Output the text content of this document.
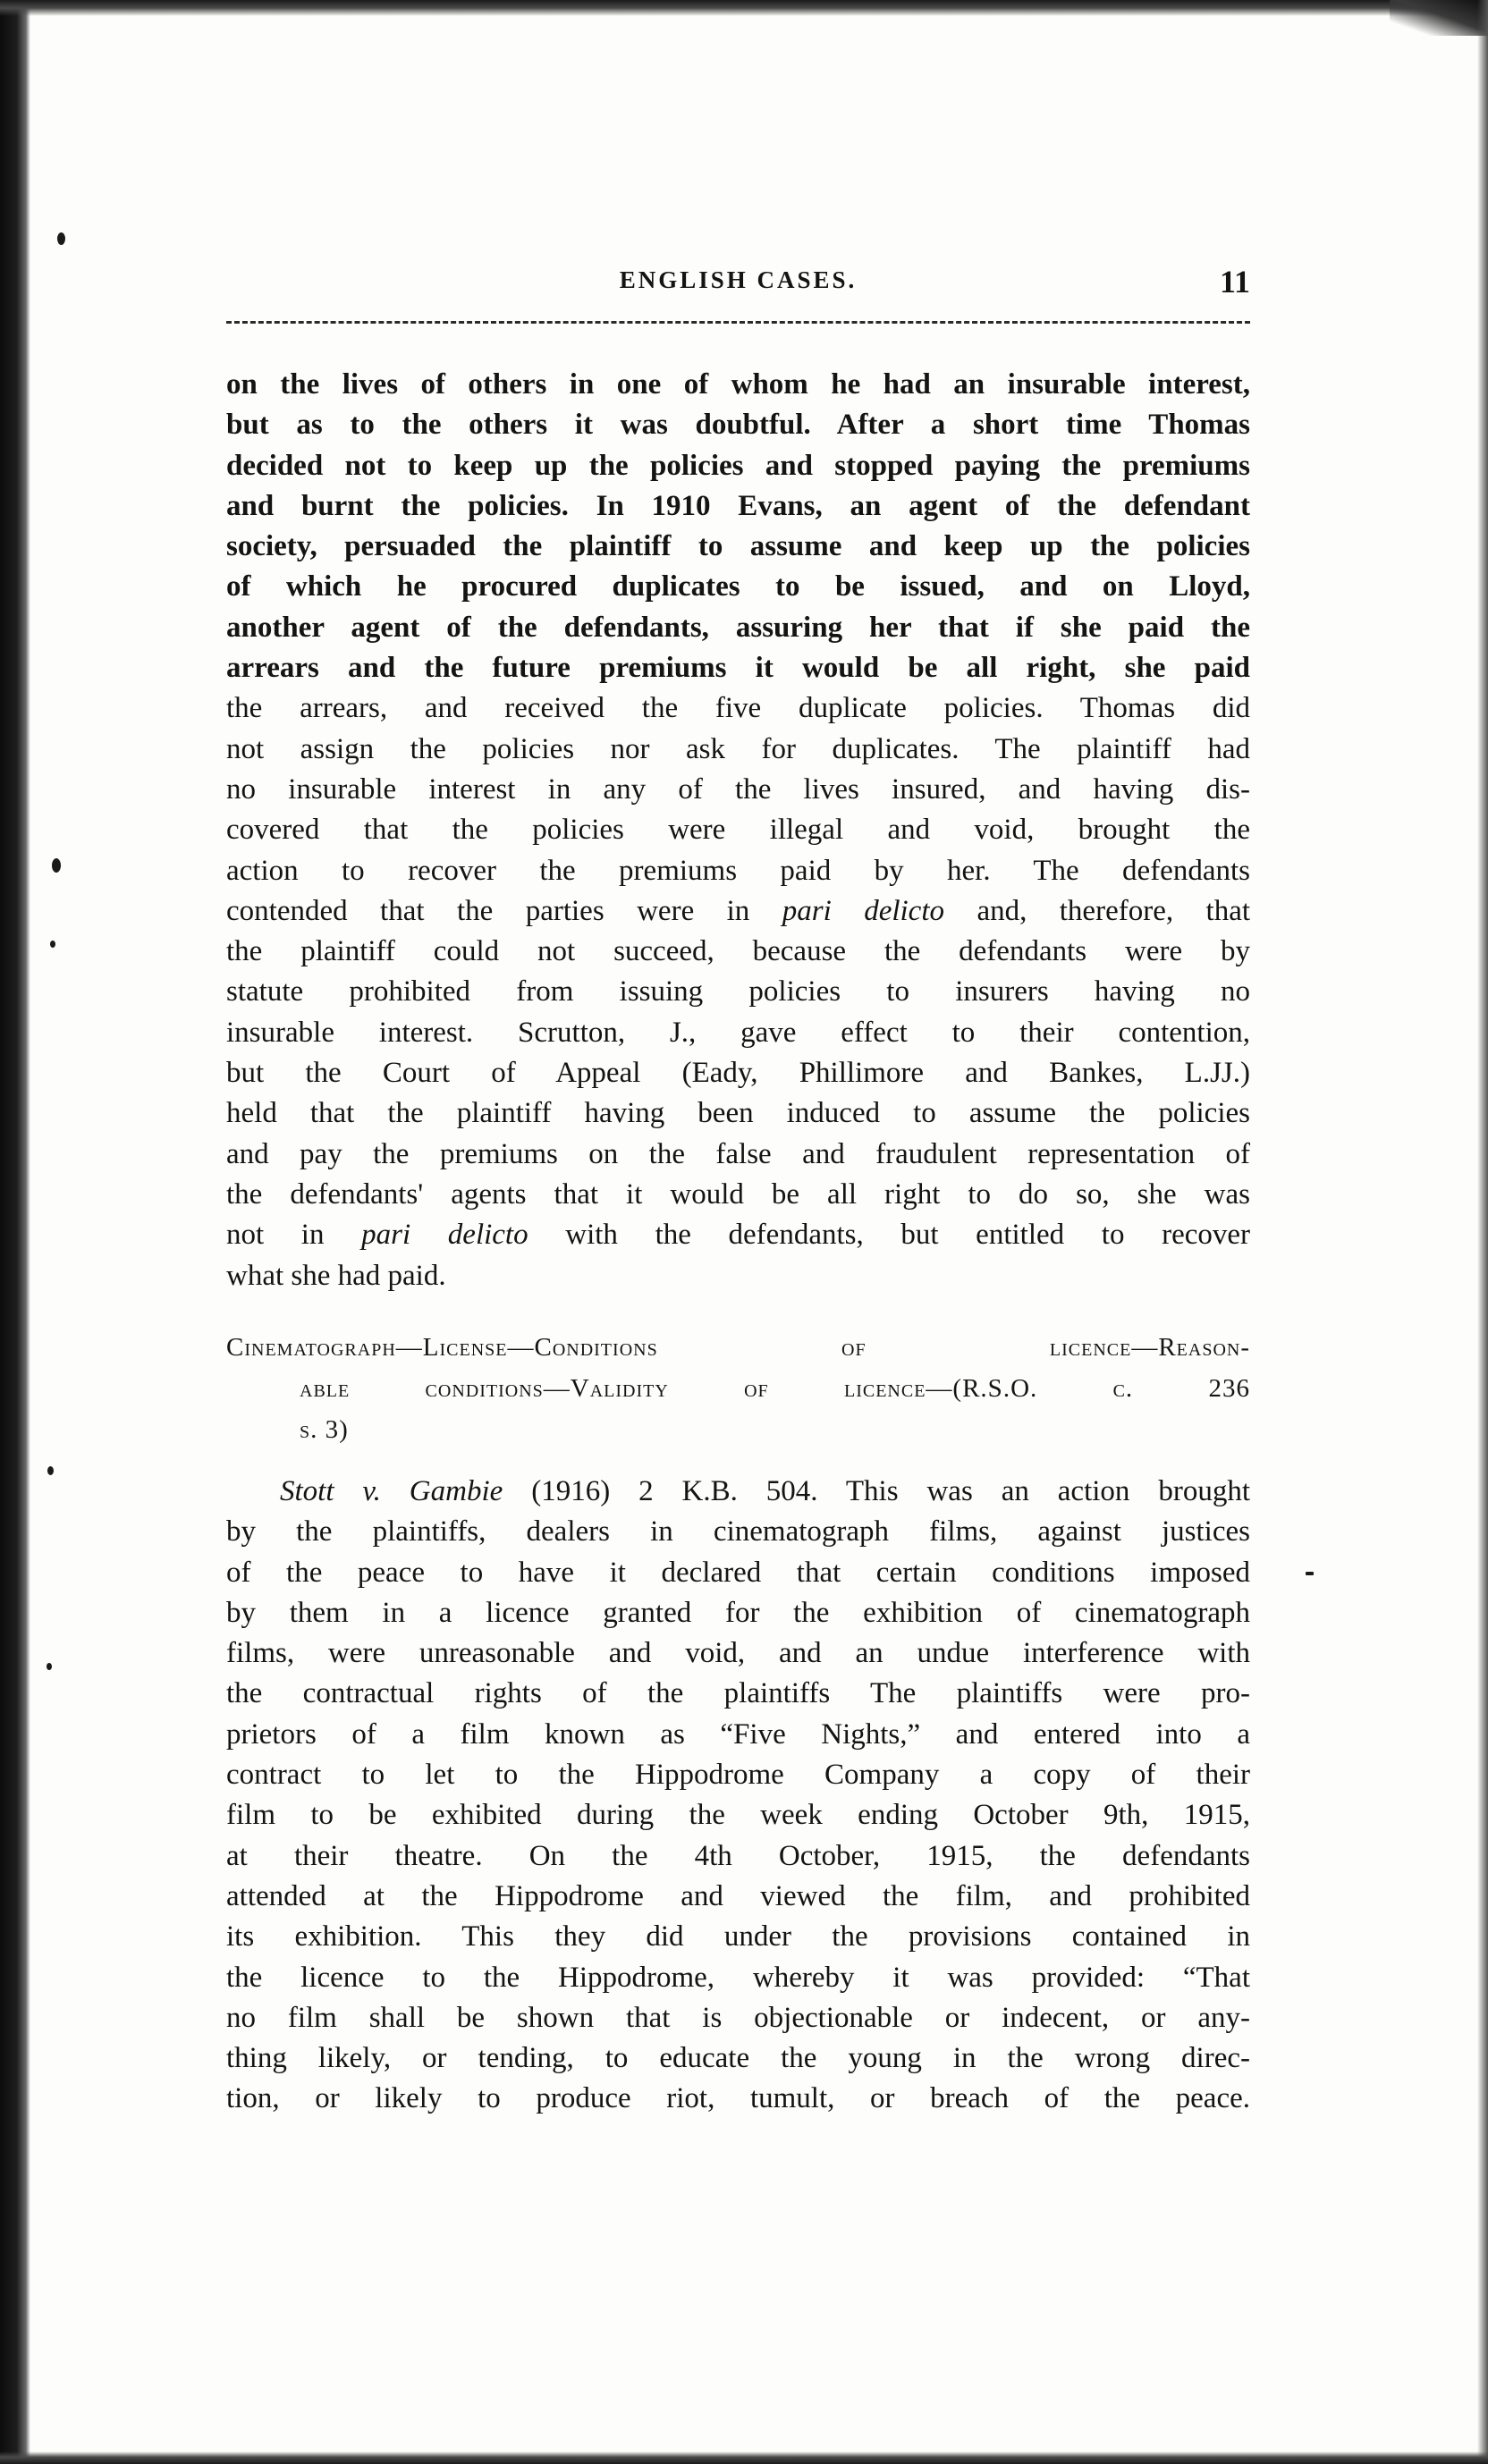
ENGLISH CASES.	11
on the lives of others in one of whom he had an insurable interest,
but as to the others it was doubtful. After a short time Thomas
decided not to keep up the policies and stopped paying the premiums
and burnt the policies. In 1910 Evans, an agent of the defendant
society, persuaded the plaintiff to assume and keep up the policies
of which he procured duplicates to be issued, and on Lloyd,
another agent of the defendants, assuring her that if she paid the
arrears and the future premiums it would be all right, she paid
the arrears, and received the five duplicate policies. Thomas did
not assign the policies nor ask for duplicates. The plaintiff had
no insurable interest in any of the lives insured, and having dis-
covered that the policies were illegal and void, brought the
action to recover the premiums paid by her. The defendants
contended that the parties were in pari delicto and, therefore, that
the plaintiff could not succeed, because the defendants were by
statute prohibited from issuing policies to insurers having no
insurable interest. Scrutton, J., gave effect to their contention,
but the Court of Appeal (Eady, Phillimore and Bankes, L.JJ.)
held that the plaintiff having been induced to assume the policies
and pay the premiums on the false and fraudulent representation of
the defendants' agents that it would be all right to do so, she was
not in pari delicto with the defendants, but entitled to recover
what she had paid.
Cinematograph—License—Conditions of licence—Reason-
able conditions—Validity of licence—(R.S.O. c. 236
s. 3)
Stott v. Gambie (1916) 2 K.B. 504. This was an action brought
by the plaintiffs, dealers in cinematograph films, against justices
of the peace to have it declared that certain conditions imposed
by them in a licence granted for the exhibition of cinematograph
films, were unreasonable and void, and an undue interference with
the contractual rights of the plaintiffs The plaintiffs were pro-
prietors of a film known as “Five Nights,” and entered into a
contract to let to the Hippodrome Company a copy of their
film to be exhibited during the week ending October 9th, 1915,
at their theatre. On the 4th October, 1915, the defendants
attended at the Hippodrome and viewed the film, and prohibited
its exhibition. This they did under the provisions contained in
the licence to the Hippodrome, whereby it was provided: “That
no film shall be shown that is objectionable or indecent, or any-
thing likely, or tending, to educate the young in the wrong direc-
tion, or likely to produce riot, tumult, or breach of the peace.
